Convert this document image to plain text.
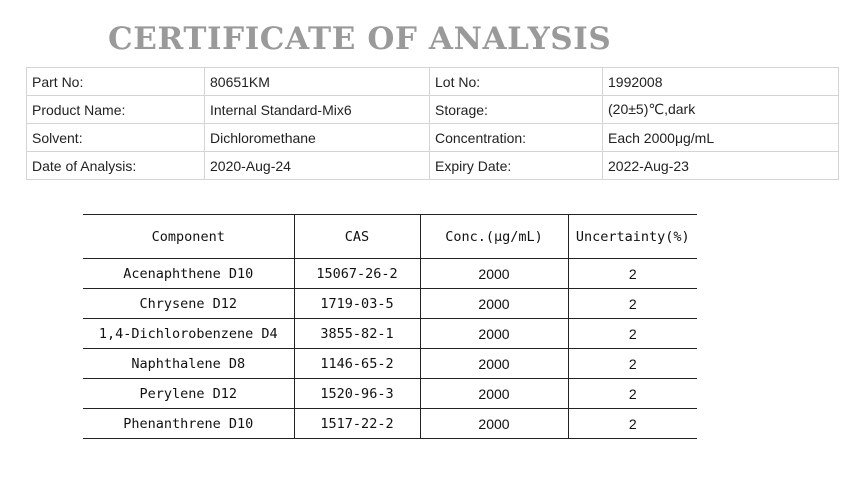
CERTIFICATE OF ANALYSIS
Part No:	80651KM	Lot No:	1992008
Product Name:	Internal Standard-Mix6	Storage:	(20±5)℃,dark
Solvent:	Dichloromethane	Concentration:	Each 2000μg/mL
Date of Analysis:	2020-Aug-24	Expiry Date:	2022-Aug-23
Component	CAS	Conc.(μg/mL)	Uncertainty(%)
Acenaphthene D10	15067-26-2	2000	2
Chrysene D12	1719-03-5	2000	2
1,4-Dichlorobenzene D4	3855-82-1	2000	2
Naphthalene D8	1146-65-2	2000	2
Perylene D12	1520-96-3	2000	2
Phenanthrene D10	1517-22-2	2000	2
